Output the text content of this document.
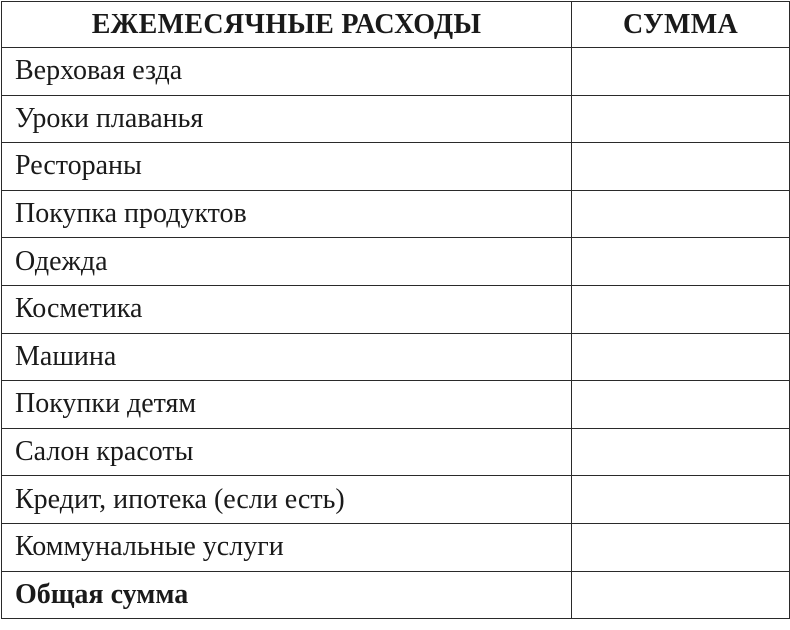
ЕЖЕМЕСЯЧНЫЕ РАСХОДЫ	СУММА
Верховая езда	
Уроки плаванья	
Рестораны	
Покупка продуктов	
Одежда	
Косметика	
Машина	
Покупки детям	
Салон красоты	
Кредит, ипотека (если есть)	
Коммунальные услуги	
Общая сумма	
